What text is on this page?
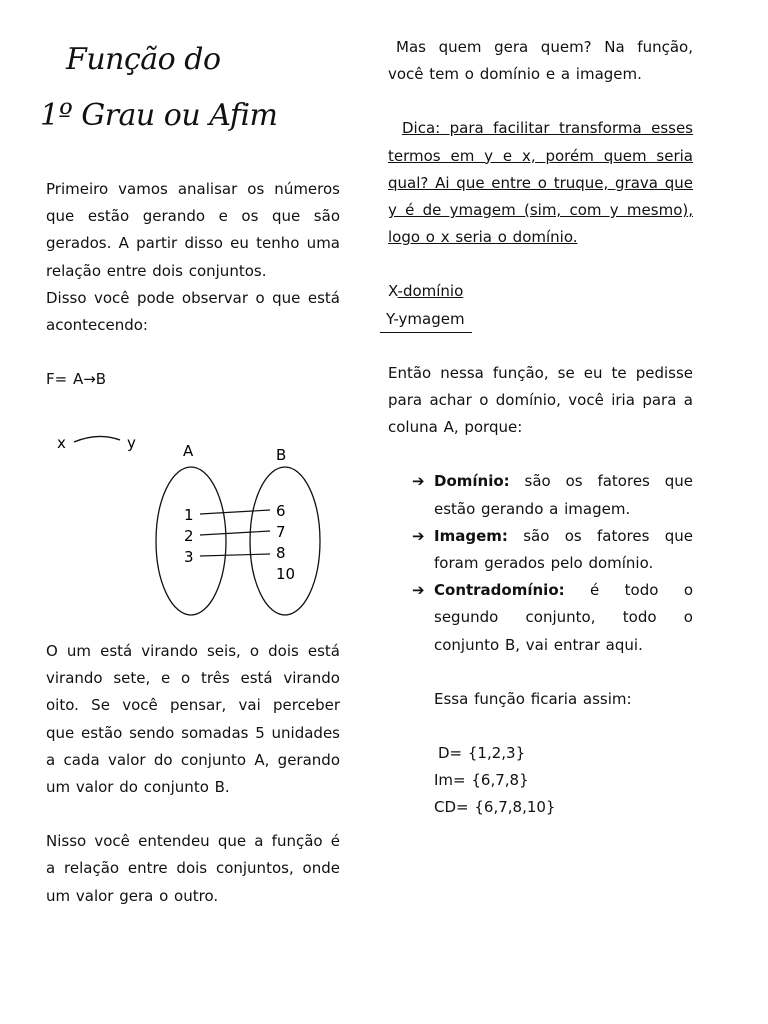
Função do
1º Grau ou Afim

Primeiro vamos analisar os números que estão gerando e os que são gerados. A partir disso eu tenho uma relação entre dois conjuntos.

Disso você pode observar o que está acontecendo:

F= A→B

x	y	A	B
1
2
3
6
7
8
10

O um está virando seis, o dois está virando sete, e o três está virando oito. Se você pensar, vai perceber que estão sendo somadas 5 unidades a cada valor do conjunto A, gerando um valor do conjunto B.

Nisso você entendeu que a função é a relação entre dois conjuntos, onde um valor gera o outro.

Mas quem gera quem? Na função, você tem o domínio e a imagem.

Dica: para facilitar transforma esses termos em y e x, porém quem seria qual? Ai que entre o truque, grava que y é de ymagem (sim, com y mesmo), logo o x seria o domínio.

X-domínio

Y-ymagem

Então nessa função, se eu te pedisse para achar o domínio, você iria para a coluna A, porque:

➔ Domínio: são os fatores que estão gerando a imagem.
➔ Imagem: são os fatores que foram gerados pelo domínio.
➔ Contradomínio: é todo o segundo conjunto, todo o conjunto B, vai entrar aqui.

Essa função ficaria assim:

D= {1,2,3}

Im= {6,7,8}

CD= {6,7,8,10}
